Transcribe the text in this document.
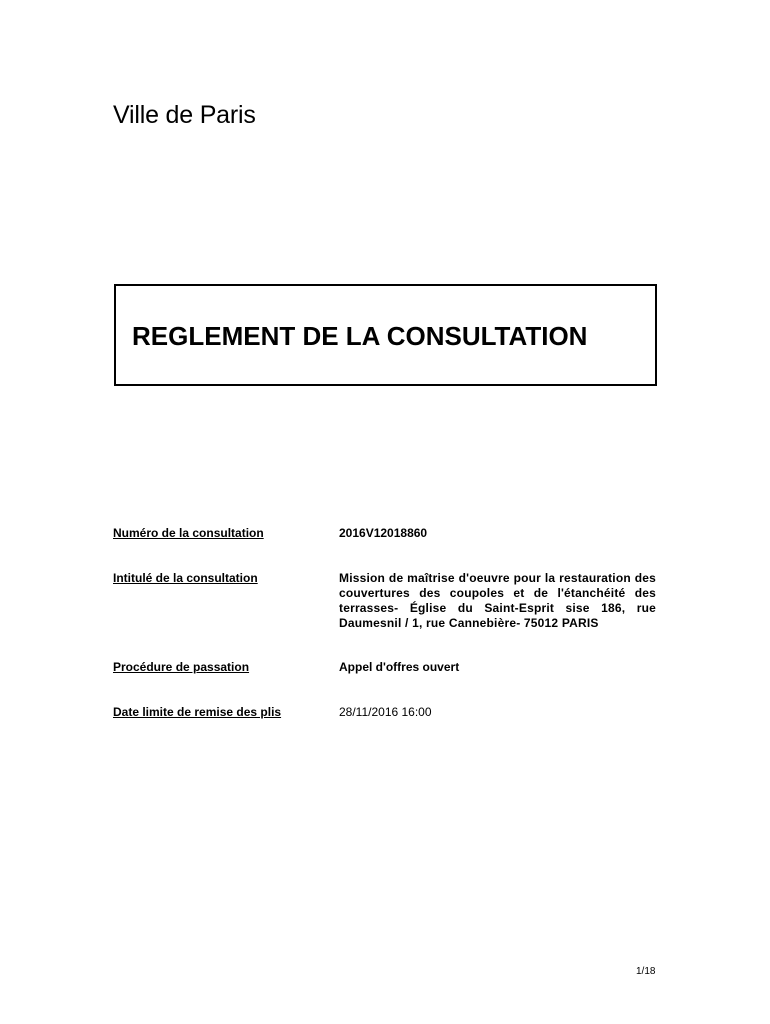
Ville de Paris
REGLEMENT DE LA CONSULTATION
Numéro de la consultation	2016V12018860
Intitulé de la consultation	Mission de maîtrise d'oeuvre pour la restauration des couvertures des coupoles et de l'étanchéité des terrasses- Église du Saint-Esprit sise 186, rue Daumesnil / 1, rue Cannebière- 75012 PARIS
Procédure de passation	Appel d'offres ouvert
Date limite de remise des plis	28/11/2016 16:00
1/18
